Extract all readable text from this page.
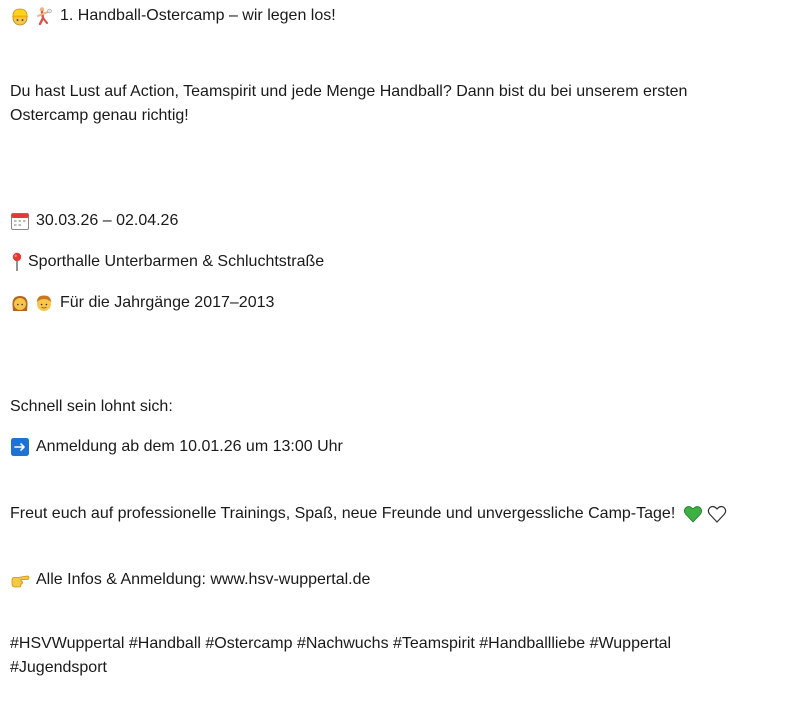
1. Handball-Ostercamp – wir legen los!
Du hast Lust auf Action, Teamspirit und jede Menge Handball? Dann bist du bei unserem ersten Ostercamp genau richtig!
30.03.26 – 02.04.26
Sporthalle Unterbarmen & Schluchtstraße
Für die Jahrgänge 2017–2013
Schnell sein lohnt sich:
Anmeldung ab dem 10.01.26 um 13:00 Uhr
Freut euch auf professionelle Trainings, Spaß, neue Freunde und unvergessliche Camp-Tage!
Alle Infos & Anmeldung: www.hsv-wuppertal.de
#HSVWuppertal #Handball #Ostercamp #Nachwuchs #Teamspirit #Handballliebe #Wuppertal #Jugendsport
